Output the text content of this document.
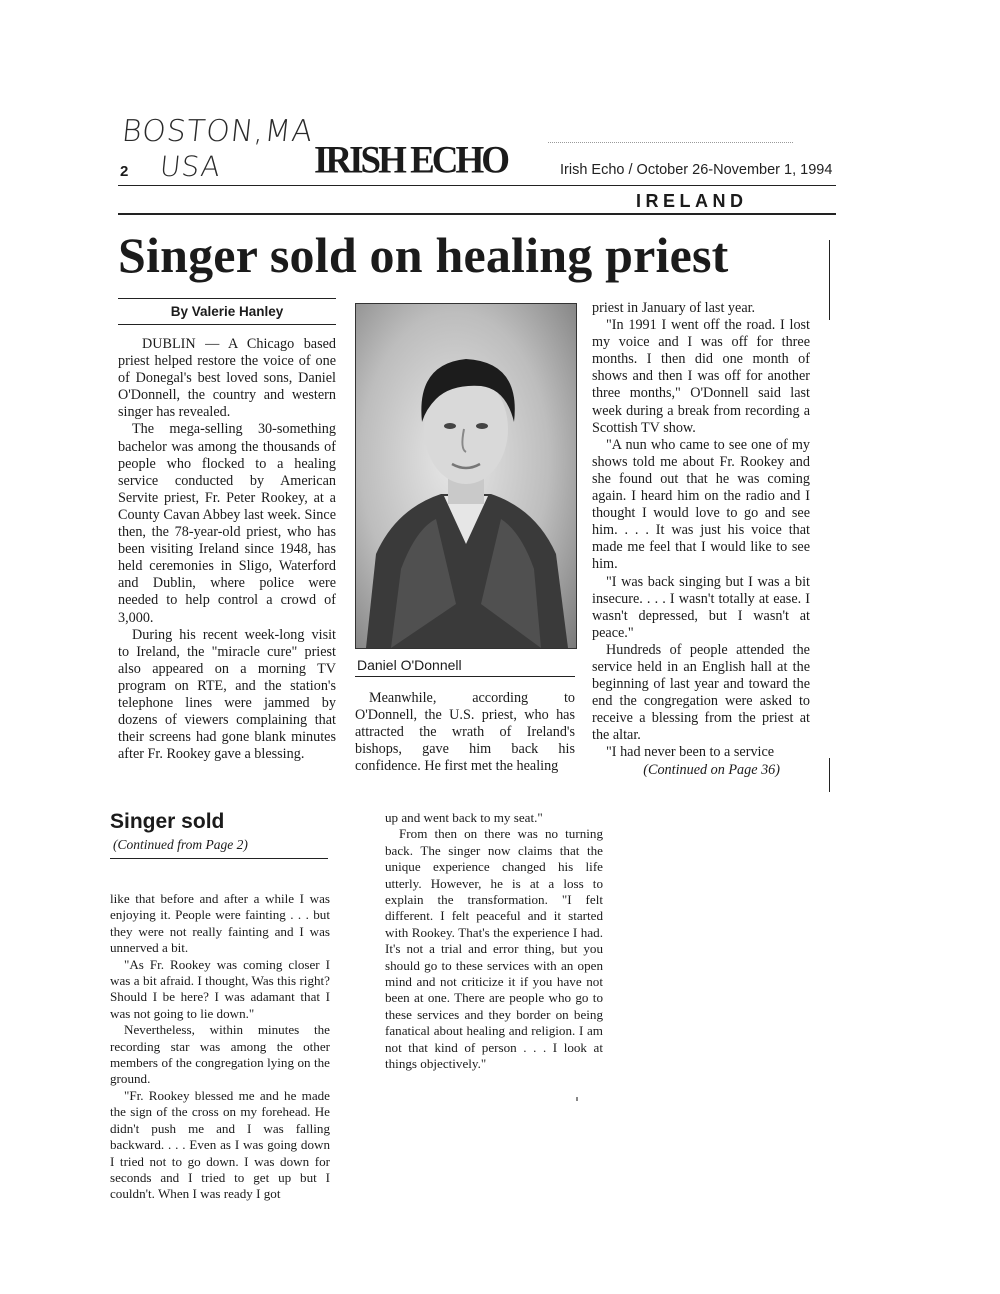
BOSTON,MA
USA
2	IRISH ECHO	Irish Echo / October 26-November 1, 1994
IRELAND
Singer sold on healing priest
By Valerie Hanley

DUBLIN — A Chicago based priest helped restore the voice of one of Donegal's best loved sons, Daniel O'Donnell, the country and western singer has revealed.

The mega-selling 30-something bachelor was among the thousands of people who flocked to a healing service conducted by American Servite priest, Fr. Peter Rookey, at a County Cavan Abbey last week. Since then, the 78-year-old priest, who has been visiting Ireland since 1948, has held ceremonies in Sligo, Waterford and Dublin, where police were needed to help control a crowd of 3,000.

During his recent week-long visit to Ireland, the "miracle cure" priest also appeared on a morning TV program on RTE, and the station's telephone lines were jammed by dozens of viewers complaining that their screens had gone blank minutes after Fr. Rookey gave a blessing.

Daniel O'Donnell

Meanwhile, according to O'Donnell, the U.S. priest, who has attracted the wrath of Ireland's bishops, gave him back his confidence. He first met the healing

priest in January of last year.

"In 1991 I went off the road. I lost my voice and I was off for three months. I then did one month of shows and then I was off for another three months," O'Donnell said last week during a break from recording a Scottish TV show.

"A nun who came to see one of my shows told me about Fr. Rookey and she found out that he was coming again. I heard him on the radio and I thought I would love to go and see him. . . . It was just his voice that made me feel that I would like to see him.

"I was back singing but I was a bit insecure. . . . I wasn't totally at ease. I wasn't depressed, but I wasn't at peace."

Hundreds of people attended the service held in an English hall at the beginning of last year and toward the end the congregation were asked to receive a blessing from the priest at the altar.

"I had never been to a service

(Continued on Page 36)
Singer sold
(Continued from Page 2)

like that before and after a while I was enjoying it. People were fainting . . . but they were not really fainting and I was unnerved a bit.

"As Fr. Rookey was coming closer I was a bit afraid. I thought, Was this right? Should I be here? I was adamant that I was not going to lie down."

Nevertheless, within minutes the recording star was among the other members of the congregation lying on the ground.

"Fr. Rookey blessed me and he made the sign of the cross on my forehead. He didn't push me and I was falling backward. . . . Even as I was going down I tried not to go down. I was down for seconds and I tried to get up but I couldn't. When I was ready I got

up and went back to my seat."

From then on there was no turning back. The singer now claims that the unique experience changed his life utterly. However, he is at a loss to explain the transformation. "I felt different. I felt peaceful and it started with Rookey. That's the experience I had. It's not a trial and error thing, but you should go to these services with an open mind and not criticize it if you have not been at one. There are people who go to these services and they border on being fanatical about healing and religion. I am not that kind of person . . . I look at things objectively."
